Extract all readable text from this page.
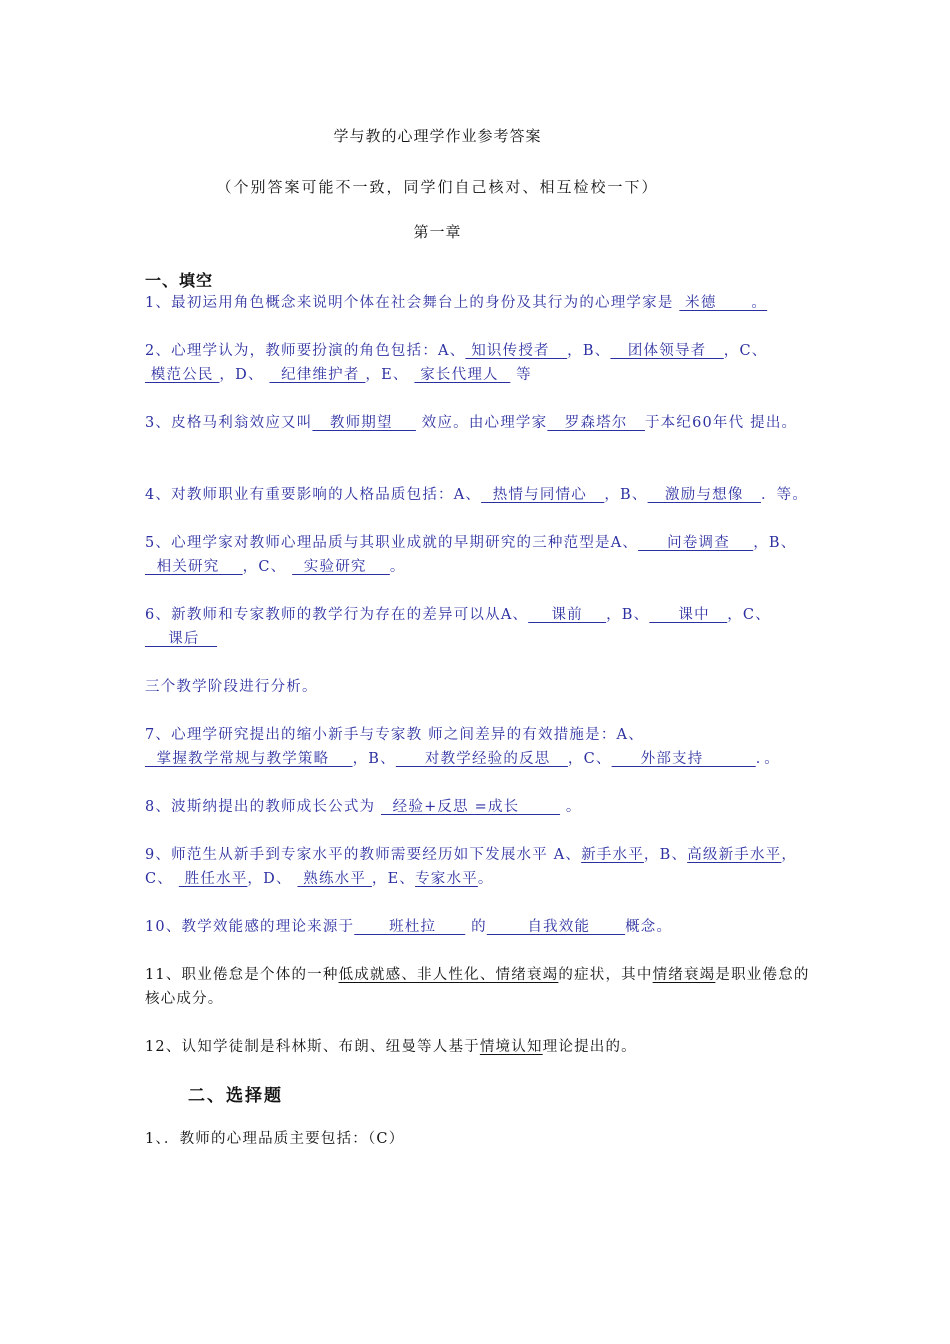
学与教的心理学作业参考答案
（个别答案可能不一致，同学们自己核对、相互检校一下）
第一章
一、填空
1、最初运用角色概念来说明个体在社会舞台上的身份及其行为的心理学家是  米德      。
2、心理学认为，教师要扮演的角色包括：A、 知识传授者   ，B、   团体领导者   ，C、 模范公民 ，D、   纪律维护者 ，E、  家长代理人   等
3、皮格马利翁效应又叫   教师期望     效应。由心理学家   罗森塔尔   于本纪60年代 提出。
4、对教师职业有重要影响的人格品质包括：A、  热情与同情心   ，B、   激励与想像   ．等。
5、心理学家对教师心理品质与其职业成就的早期研究的三种范型是A、     问卷调查    ，B、  相关研究    ，C、   实验研究    。
6、新教师和专家教师的教学行为存在的差异可以从A、    课前    ，B、     课中   ，C、    课后
三个教学阶段进行分析。
7、心理学研究提出的缩小新手与专家教 师之间差异的有效措施是：A、  掌握教学常规与教学策略    ，B、     对教学经验的反思   ，C、     外部支持         ．。
8、波斯纳提出的教师成长公式为   经验+反思 =成长        。
9、师范生从新手到专家水平的教师需要经历如下发展水平 A、新手水平，B、高级新手水平，C、  胜任水平，D、  熟练水平 ，E、专家水平。
10、教学效能感的理论来源于      班杜拉      的       自我效能      概念。
11、职业倦怠是个体的一种低成就感、非人性化、情绪衰竭的症状，其中情绪衰竭是职业倦怠的核心成分。
12、认知学徒制是科林斯、布朗、纽曼等人基于情境认知理论提出的。
二、选择题
1、．教师的心理品质主要包括：（C）
